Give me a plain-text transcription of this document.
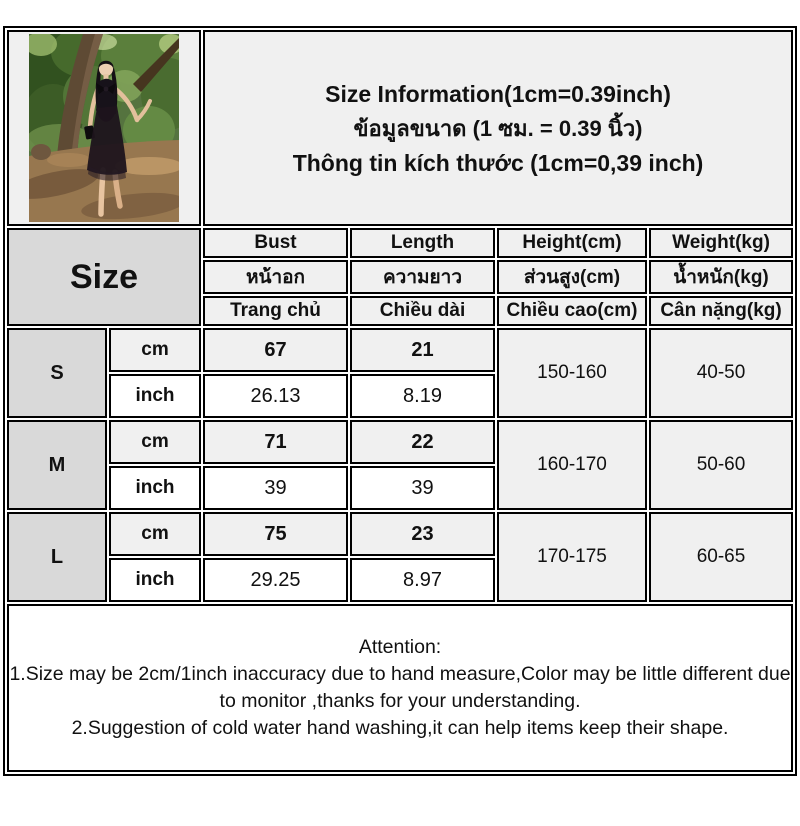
Size Information(1cm=0.39inch)
ข้อมูลขนาด (1 ซม. = 0.39 นิ้ว)
Thông tin kích thước (1cm=0,39 inch)			

Size		Bust	Length	Height(cm)	Weight(kg)
		หน้าอก	ความยาว	ส่วนสูง(cm)	น้ำหนัก(kg)
		Trang chủ	Chiều dài	Chiều cao(cm)	Cân nặng(kg)
S	cm	67	21	150-160	40-50
	inch	26.13	8.19		
M	cm	71	22	160-170	50-60
	inch	39	39		
L	cm	75	23	170-175	60-65
	inch	29.25	8.97		

Attention:
1.Size may be 2cm/1inch inaccuracy due to hand measure,Color may be little different due to monitor ,thanks for your understanding.
2.Suggestion of cold water hand washing,it can help items keep their shape.					
